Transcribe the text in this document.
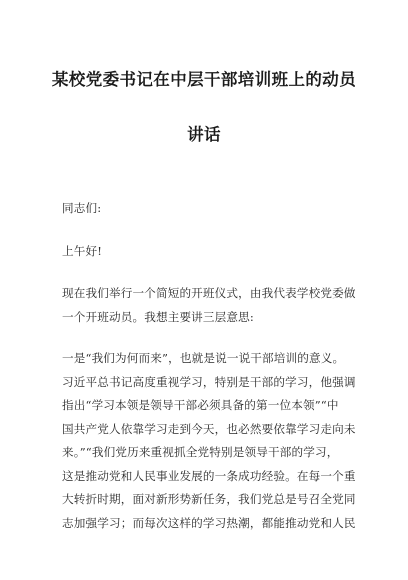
某校党委书记在中层干部培训班上的动员
讲话
同志们:
上午好!
现在我们举行一个简短的开班仪式，由我代表学校党委做
一个开班动员。我想主要讲三层意思:
一是“我们为何而来”，也就是说一说干部培训的意义。
习近平总书记高度重视学习，特别是干部的学习，他强调
指出“学习本领是领导干部必须具备的第一位本领”“中
国共产党人依靠学习走到今天，也必然要依靠学习走向未
来。”“我们党历来重视抓全党特别是领导干部的学习，
这是推动党和人民事业发展的一条成功经验。在每一个重
大转折时期，面对新形势新任务，我们党总是号召全党同
志加强学习；而每次这样的学习热潮，都能推动党和人民
